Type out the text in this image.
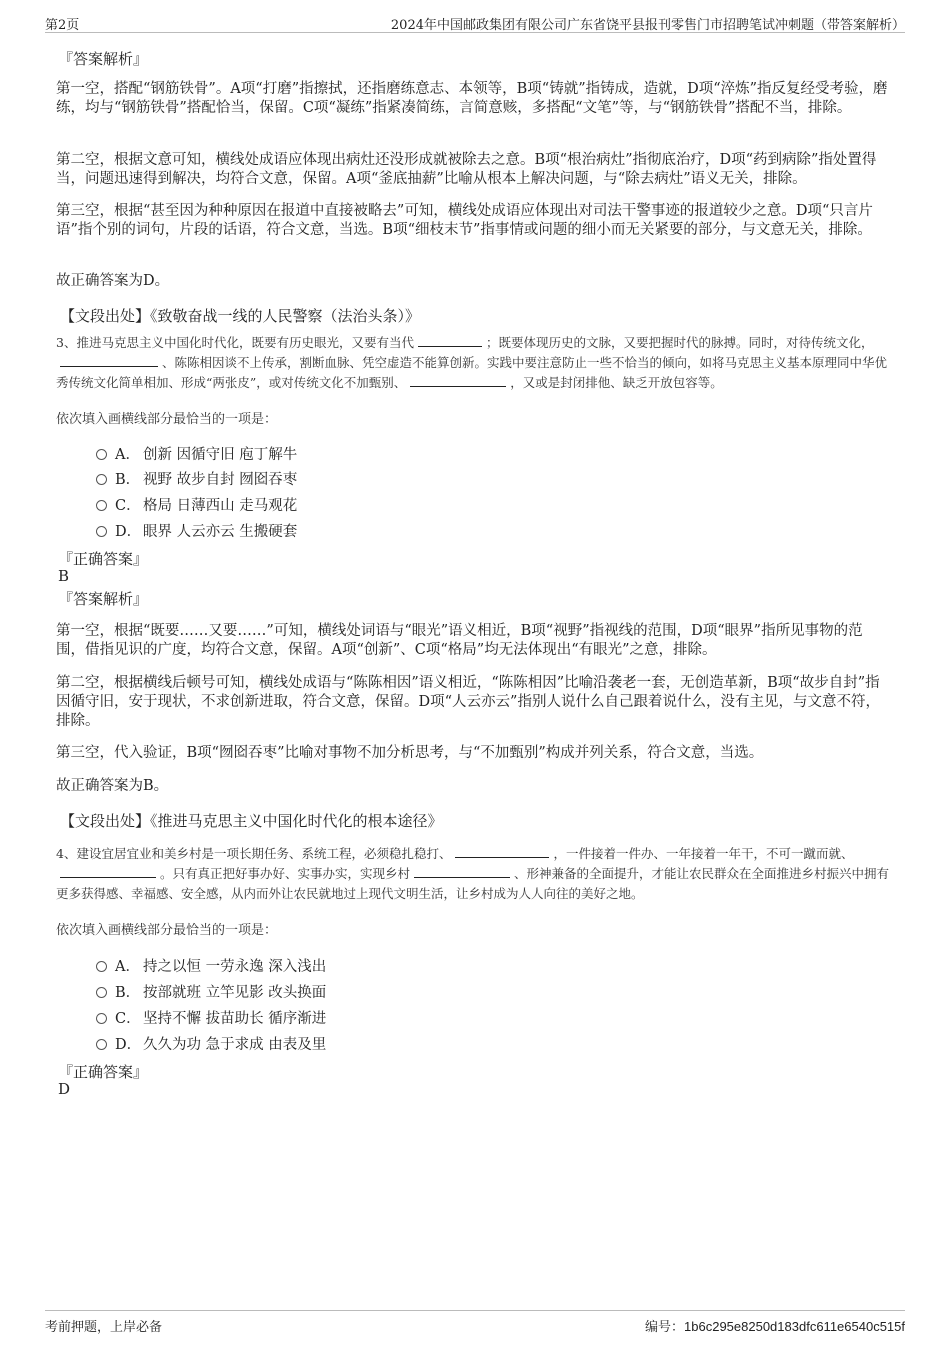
第2页	2024年中国邮政集团有限公司广东省饶平县报刊零售门市招聘笔试冲刺题（带答案解析）
『答案解析』
第一空，搭配“钢筋铁骨”。A项“打磨”指擦拭，还指磨练意志、本领等，B项“铸就”指铸成，造就，D项“淬炼”指反复经受考验，磨练，均与“钢筋铁骨”搭配恰当，保留。C项“凝练”指紧凑简练，言简意赅，多搭配“文笔”等，与“钢筋铁骨”搭配不当，排除。
第二空，根据文意可知，横线处成语应体现出病灶还没形成就被除去之意。B项“根治病灶”指彻底治疗，D项“药到病除”指处置得当，问题迅速得到解决，均符合文意，保留。A项“釜底抽薪”比喻从根本上解决问题，与“除去病灶”语义无关，排除。
第三空，根据“甚至因为种种原因在报道中直接被略去”可知，横线处成语应体现出对司法干警事迹的报道较少之意。D项“只言片语”指个别的词句，片段的话语，符合文意，当选。B项“细枝末节”指事情或问题的细小而无关紧要的部分，与文意无关，排除。
故正确答案为D。
【文段出处】《致敬奋战一线的人民警察（法治头条）》
3、推进马克思主义中国化时代化，既要有历史眼光，又要有当代	；既要体现历史的文脉，又要把握时代的脉搏。同时，对待传统文化，、陈陈相因谈不上传承，割断血脉、凭空虚造不能算创新。实践中要注意防止一些不恰当的倾向，如将马克思主义基本原理同中华优秀传统文化简单相加、形成“两张皮”，或对传统文化不加甄别、	，又或是封闭排他、缺乏开放包容等。
依次填入画横线部分最恰当的一项是：
A． 创新 因循守旧 庖丁解牛
B． 视野 故步自封 囫囵吞枣
C． 格局 日薄西山 走马观花
D． 眼界 人云亦云 生搬硬套
『正确答案』
B
『答案解析』
第一空，根据“既要……又要……”可知，横线处词语与“眼光”语义相近，B项“视野”指视线的范围，D项“眼界”指所见事物的范围，借指见识的广度，均符合文意，保留。A项“创新”、C项“格局”均无法体现出“有眼光”之意，排除。
第二空，根据横线后顿号可知，横线处成语与“陈陈相因”语义相近，“陈陈相因”比喻沿袭老一套，无创造革新，B项“故步自封”指因循守旧，安于现状，不求创新进取，符合文意，保留。D项“人云亦云”指别人说什么自己跟着说什么，没有主见，与文意不符，排除。
第三空，代入验证，B项“囫囵吞枣”比喻对事物不加分析思考，与“不加甄别”构成并列关系，符合文意，当选。
故正确答案为B。
【文段出处】《推进马克思主义中国化时代化的根本途径》
4、建设宜居宜业和美乡村是一项长期任务、系统工程，必须稳扎稳打、	，一件接着一件办、一年接着一年干，不可一蹴而就、。只有真正把好事办好、实事办实，实现乡村	、形神兼备的全面提升，才能让农民群众在全面推进乡村振兴中拥有更多获得感、幸福感、安全感，从内而外让农民就地过上现代文明生活，让乡村成为人人向往的美好之地。
依次填入画横线部分最恰当的一项是：
A． 持之以恒 一劳永逸 深入浅出
B． 按部就班 立竿见影 改头换面
C． 坚持不懈 拔苗助长 循序渐进
D． 久久为功 急于求成 由表及里
『正确答案』
D
考前押题，上岸必备	编号：1b6c295e8250d183dfc611e6540c515f
